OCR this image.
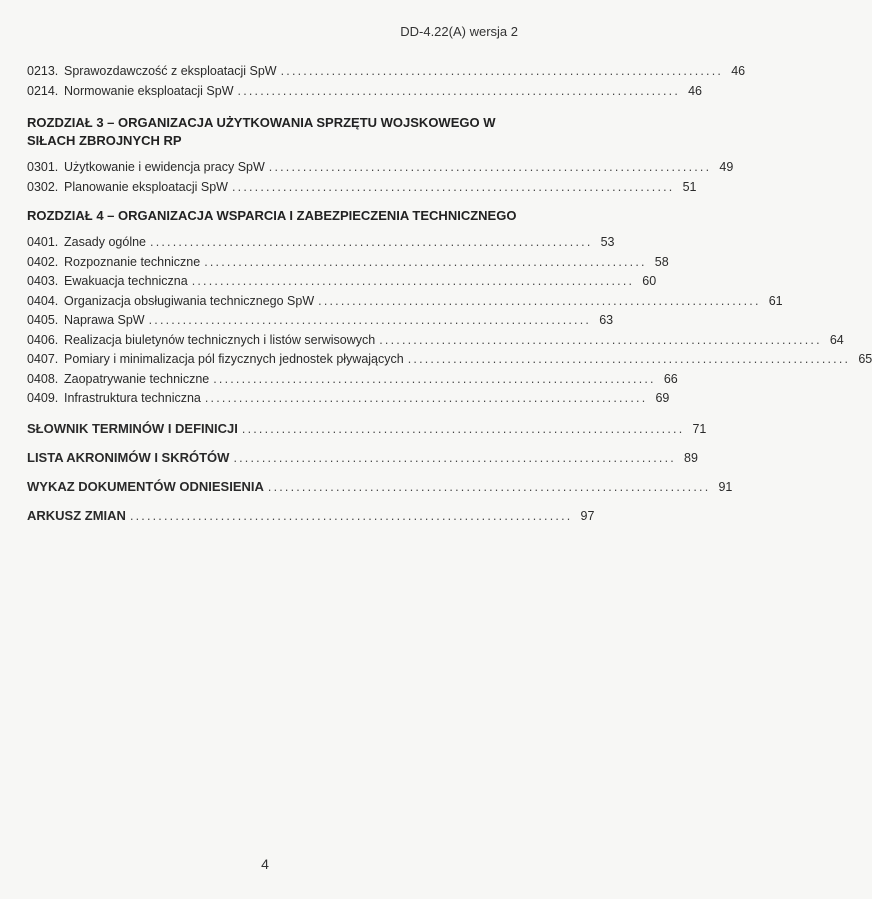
DD-4.22(A) wersja 2
0213. Sprawozdawczość z eksploatacji SpW .............................................................................. 46
0214. Normowanie eksploatacji SpW .............................................................................. 46
ROZDZIAŁ 3 – ORGANIZACJA UŻYTKOWANIA SPRZĘTU WOJSKOWEGO W SIŁACH ZBROJNYCH RP
0301. Użytkowanie i ewidencja pracy SpW .............................................................................. 49
0302. Planowanie eksploatacji SpW .............................................................................. 51
ROZDZIAŁ 4 – ORGANIZACJA WSPARCIA I ZABEZPIECZENIA TECHNICZNEGO
0401. Zasady ogólne .............................................................................. 53
0402. Rozpoznanie techniczne .............................................................................. 58
0403. Ewakuacja techniczna .............................................................................. 60
0404. Organizacja obsługiwania technicznego SpW .............................................................................. 61
0405. Naprawa SpW .............................................................................. 63
0406. Realizacja biuletynów technicznych i listów serwisowych .............................................................................. 64
0407. Pomiary i minimalizacja pól fizycznych jednostek pływających .............................................................................. 65
0408. Zaopatrywanie techniczne .............................................................................. 66
0409. Infrastruktura techniczna .............................................................................. 69
SŁOWNIK TERMINÓW I DEFINICJI .............................................................................. 71
LISTA AKRONIMÓW I SKRÓTÓW .............................................................................. 89
WYKAZ DOKUMENTÓW ODNIESIENIA .............................................................................. 91
ARKUSZ ZMIAN .............................................................................. 97
4
